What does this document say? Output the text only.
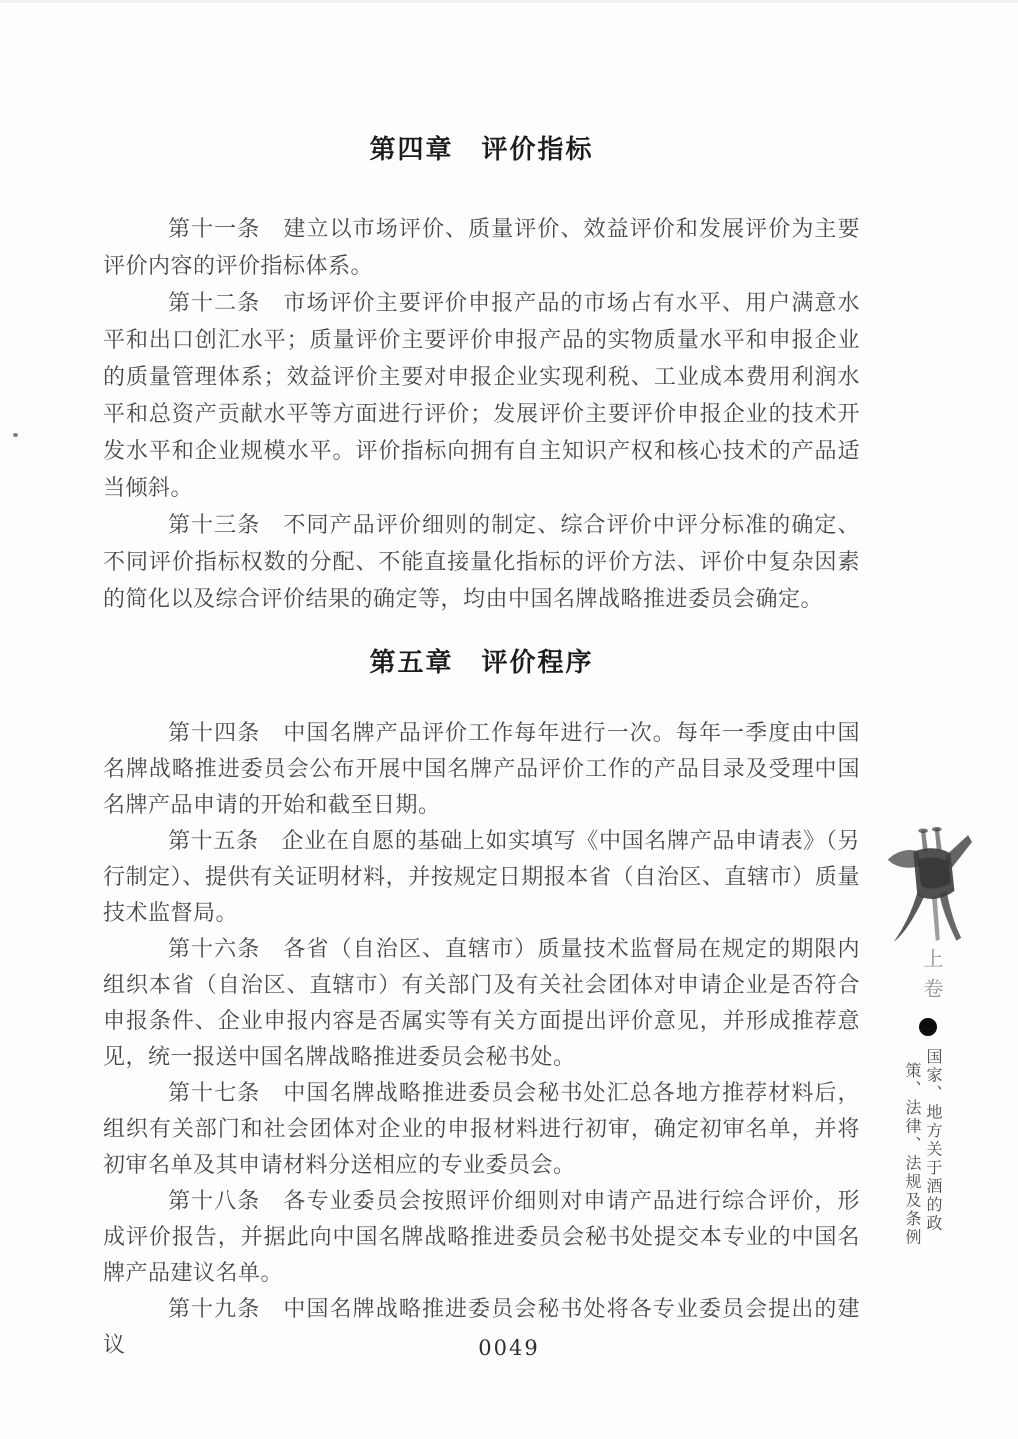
第四章　评价指标

第十一条　建立以市场评价、质量评价、效益评价和发展评价为主要评价内容的评价指标体系。

第十二条　市场评价主要评价申报产品的市场占有水平、用户满意水平和出口创汇水平；质量评价主要评价申报产品的实物质量水平和申报企业的质量管理体系；效益评价主要对申报企业实现利税、工业成本费用利润水平和总资产贡献水平等方面进行评价；发展评价主要评价申报企业的技术开发水平和企业规模水平。评价指标向拥有自主知识产权和核心技术的产品适当倾斜。

第十三条　不同产品评价细则的制定、综合评价中评分标准的确定、不同评价指标权数的分配、不能直接量化指标的评价方法、评价中复杂因素的简化以及综合评价结果的确定等，均由中国名牌战略推进委员会确定。

第五章　评价程序

第十四条　中国名牌产品评价工作每年进行一次。每年一季度由中国名牌战略推进委员会公布开展中国名牌产品评价工作的产品目录及受理中国名牌产品申请的开始和截至日期。

第十五条　企业在自愿的基础上如实填写《中国名牌产品申请表》（另行制定）、提供有关证明材料，并按规定日期报本省（自治区、直辖市）质量技术监督局。

第十六条　各省（自治区、直辖市）质量技术监督局在规定的期限内组织本省（自治区、直辖市）有关部门及有关社会团体对申请企业是否符合申报条件、企业申报内容是否属实等有关方面提出评价意见，并形成推荐意见，统一报送中国名牌战略推进委员会秘书处。

第十七条　中国名牌战略推进委员会秘书处汇总各地方推荐材料后，组织有关部门和社会团体对企业的申报材料进行初审，确定初审名单，并将初审名单及其申请材料分送相应的专业委员会。

第十八条　各专业委员会按照评价细则对申请产品进行综合评价，形成评价报告，并据此向中国名牌战略推进委员会秘书处提交本专业的中国名牌产品建议名单。

第十九条　中国名牌战略推进委员会秘书处将各专业委员会提出的建议

上卷
国家、地方关于酒的政
策、法律、法规及条例
0049
